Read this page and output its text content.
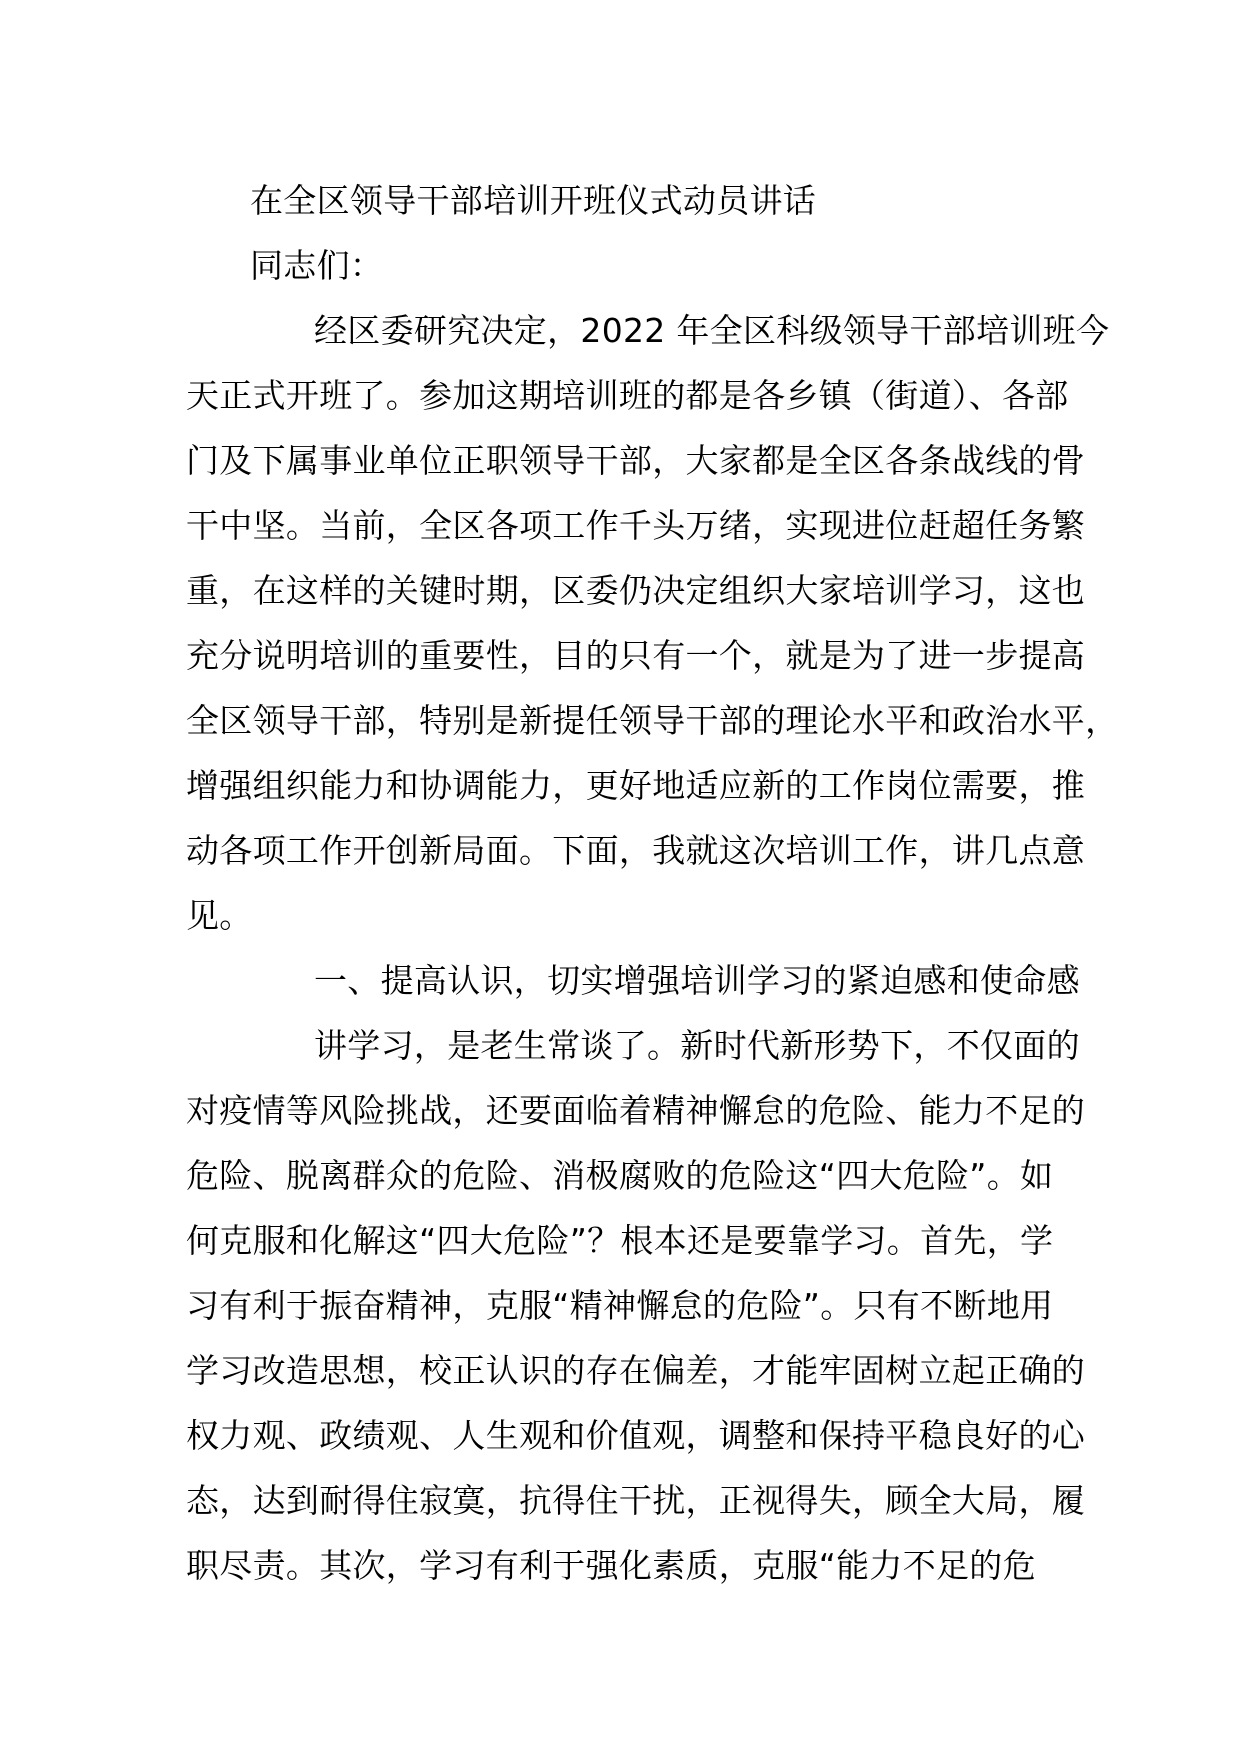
在全区领导干部培训开班仪式动员讲话
同志们：
经区委研究决定，2022 年全区科级领导干部培训班今
天正式开班了。参加这期培训班的都是各乡镇（街道）、各部
门及下属事业单位正职领导干部，大家都是全区各条战线的骨
干中坚。当前，全区各项工作千头万绪，实现进位赶超任务繁
重，在这样的关键时期，区委仍决定组织大家培训学习，这也
充分说明培训的重要性，目的只有一个，就是为了进一步提高
全区领导干部，特别是新提任领导干部的理论水平和政治水平，
增强组织能力和协调能力，更好地适应新的工作岗位需要，推
动各项工作开创新局面。下面，我就这次培训工作，讲几点意
见。
一、提高认识，切实增强培训学习的紧迫感和使命感
讲学习，是老生常谈了。新时代新形势下，不仅面的
对疫情等风险挑战，还要面临着精神懈怠的危险、能力不足的
危险、脱离群众的危险、消极腐败的危险这“四大危险”。如
何克服和化解这“四大危险”？根本还是要靠学习。首先，学
习有利于振奋精神，克服“精神懈怠的危险”。只有不断地用
学习改造思想，校正认识的存在偏差，才能牢固树立起正确的
权力观、政绩观、人生观和价值观，调整和保持平稳良好的心
态，达到耐得住寂寞，抗得住干扰，正视得失，顾全大局，履
职尽责。其次，学习有利于强化素质，克服“能力不足的危
